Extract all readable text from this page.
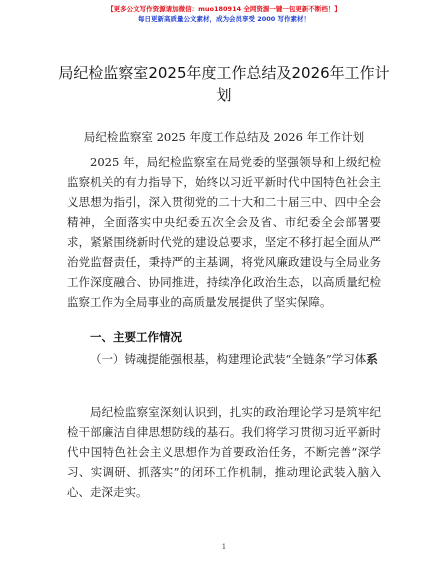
【更多公文写作资源请加微信：muo180914 全网资源一键一包更新不断档！】
每日更新高质量公文素材，成为会员享受 2000 写作素材！
局纪检监察室2025年度工作总结及2026年工作计划
局纪检监察室 2025 年度工作总结及 2026 年工作计划
2025 年，局纪检监察室在局党委的坚强领导和上级纪检监察机关的有力指导下，始终以习近平新时代中国特色社会主义思想为指引，深入贯彻党的二十大和二十届三中、四中全会精神，全面落实中央纪委五次全会及省、市纪委全会部署要求，紧紧围绕新时代党的建设总要求，坚定不移打起全面从严治党监督责任，秉持严的主基调，将党风廉政建设与全局业务工作深度融合、协同推进，持续净化政治生态，以高质量纪检监察工作为全局事业的高质量发展提供了坚实保障。
一、主要工作情况
（一）铸魂提能强根基，构建理论武装“全链条”学习体系
局纪检监察室深刻认识到，扎实的政治理论学习是筑牢纪检干部廉洁自律思想防线的基石。我们将学习贯彻习近平新时代中国特色社会主义思想作为首要政治任务，不断完善“深学习、实调研、抓落实”的闭环工作机制，推动理论武装入脑入心、走深走实。
1
